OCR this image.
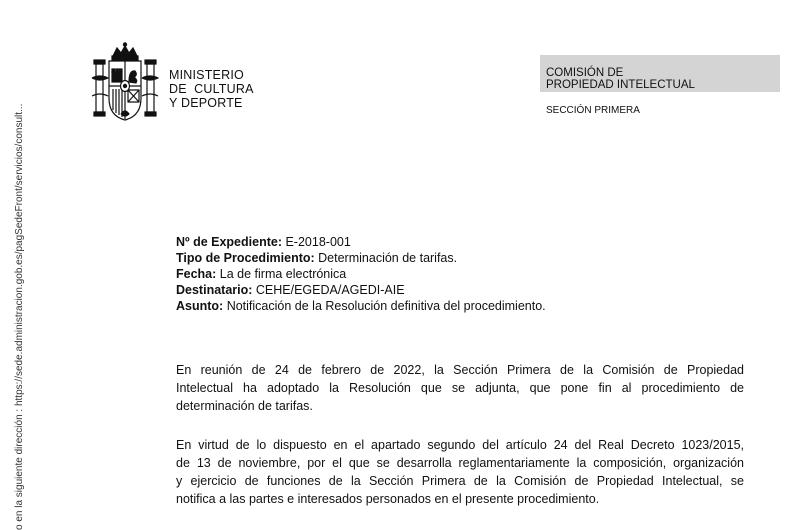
o en la siguiente dirección : https://sede.administracion.gob.es/pagSedeFront/servicios/consult...
MINISTERIO
DE  CULTURA
Y DEPORTE
COMISIÓN DE
PROPIEDAD INTELECTUAL
SECCIÓN PRIMERA
Nº de Expediente: E-2018-001
Tipo de Procedimiento: Determinación de tarifas.
Fecha: La de firma electrónica
Destinatario: CEHE/EGEDA/AGEDI-AIE
Asunto: Notificación de la Resolución definitiva del procedimiento.
En reunión de 24 de febrero de 2022, la Sección Primera de la Comisión de Propiedad
Intelectual ha adoptado la Resolución que se adjunta, que pone fin al procedimiento de
determinación de tarifas.
En virtud de lo dispuesto en el apartado segundo del artículo 24 del Real Decreto 1023/2015,
de 13 de noviembre, por el que se desarrolla reglamentariamente la composición, organización
y ejercicio de funciones de la Sección Primera de la Comisión de Propiedad Intelectual, se
notifica a las partes e interesados personados en el presente procedimiento.
